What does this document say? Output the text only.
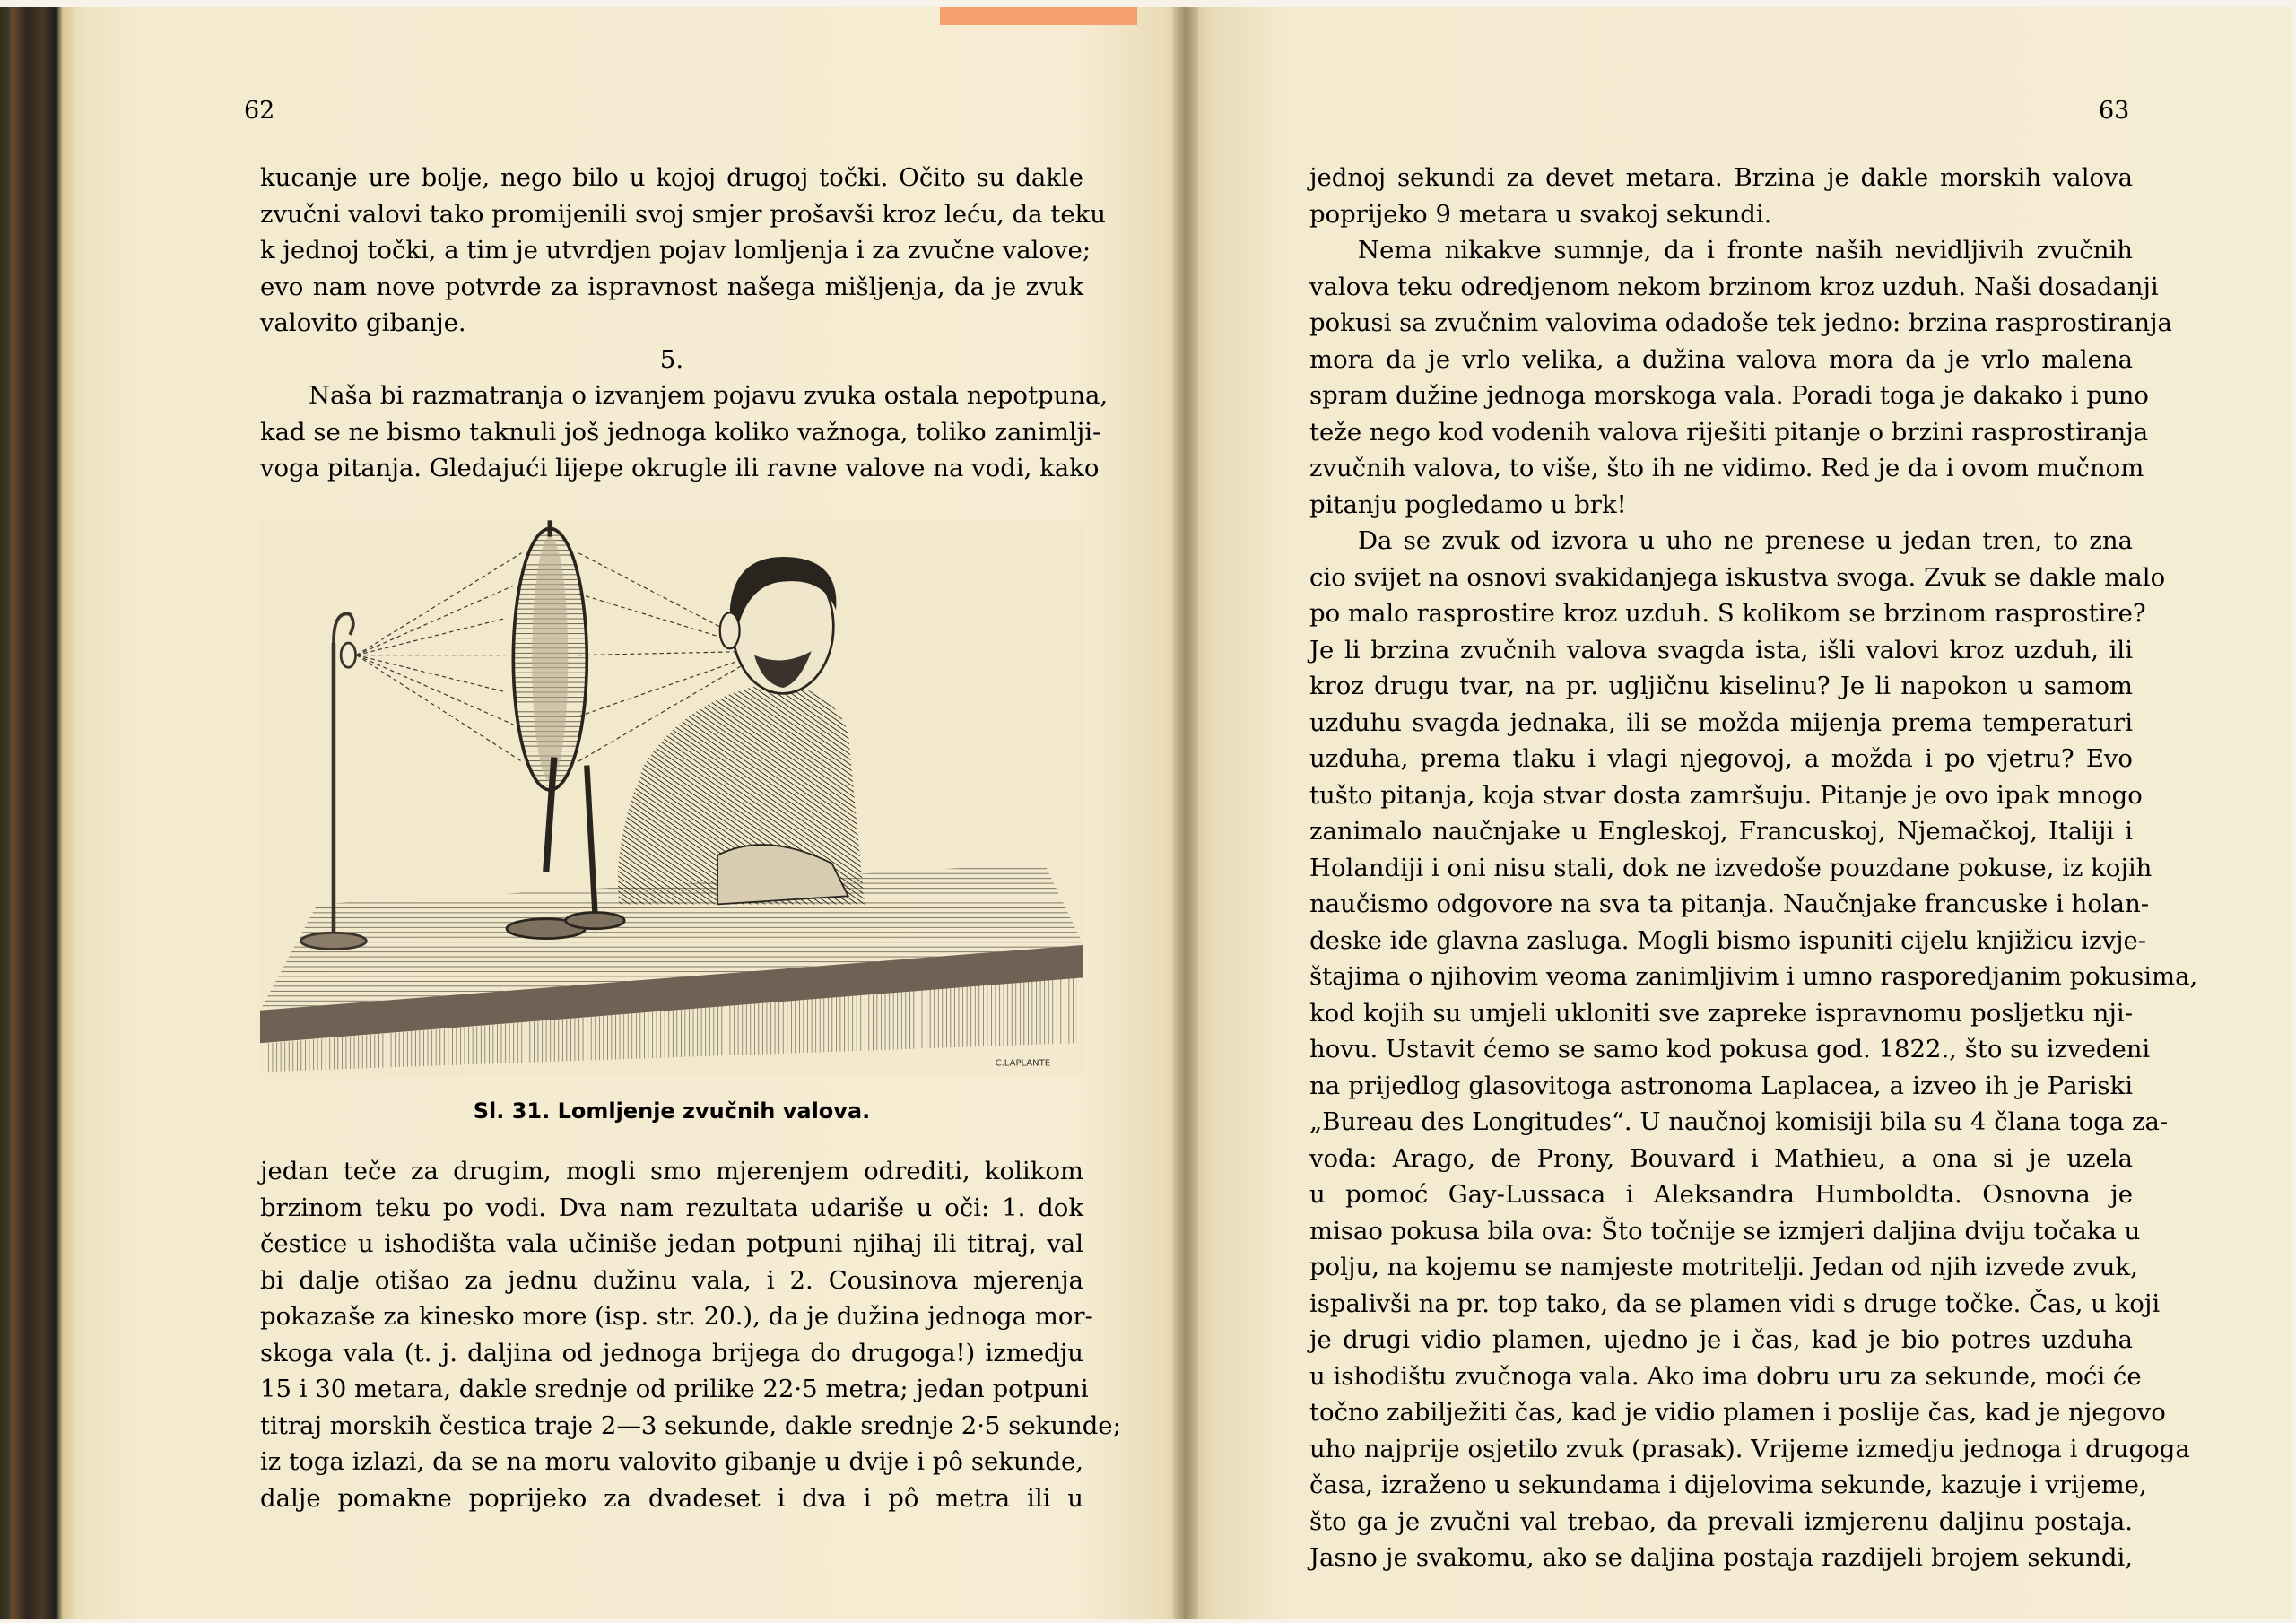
kucanje ure bolje, nego bilo u kojoj drugoj točki. Očito su dakle
zvučni valovi tako promijenili svoj smjer prošavši kroz leću, da teku
k jednoj točki, a tim je utvrdjen pojav lomljenja i za zvučne valove;
evo nam nove potvrde za ispravnost našega mišljenja, da je zvuk
valovito gibanje.
5.
Naša bi razmatranja o izvanjem pojavu zvuka ostala nepotpuna,
kad se ne bismo taknuli još jednoga koliko važnoga, toliko zanimlji-
voga pitanja. Gledajući lijepe okrugle ili ravne valove na vodi, kako
C.LAPLANTE
Sl. 31. Lomljenje zvučnih valova.
jedan teče za drugim, mogli smo mjerenjem odrediti, kolikom
brzinom teku po vodi. Dva nam rezultata udariše u oči: 1. dok
čestice u ishodišta vala učiniše jedan potpuni njihaj ili titraj, val
bi dalje otišao za jednu dužinu vala, i 2. Cousinova mjerenja
pokazaše za kinesko more (isp. str. 20.), da je dužina jednoga mor-
skoga vala (t. j. daljina od jednoga brijega do drugoga!) izmedju
15 i 30 metara, dakle srednje od prilike 22·5 metra; jedan potpuni
titraj morskih čestica traje 2—3 sekunde, dakle srednje 2·5 sekunde;
iz toga izlazi, da se na moru valovito gibanje u dvije i pô sekunde,
dalje pomakne poprijeko za dvadeset i dva i pô metra ili u
62	63
jednoj sekundi za devet metara. Brzina je dakle morskih valova
poprijeko 9 metara u svakoj sekundi.
Nema nikakve sumnje, da i fronte naših nevidljivih zvučnih
valova teku odredjenom nekom brzinom kroz uzduh. Naši dosadanji
pokusi sa zvučnim valovima odadoše tek jedno: brzina rasprostiranja
mora da je vrlo velika, a dužina valova mora da je vrlo malena
spram dužine jednoga morskoga vala. Poradi toga je dakako i puno
teže nego kod vodenih valova riješiti pitanje o brzini rasprostiranja
zvučnih valova, to više, što ih ne vidimo. Red je da i ovom mučnom
pitanju pogledamo u brk!
Da se zvuk od izvora u uho ne prenese u jedan tren, to zna
cio svijet na osnovi svakidanjega iskustva svoga. Zvuk se dakle malo
po malo rasprostire kroz uzduh. S kolikom se brzinom rasprostire?
Je li brzina zvučnih valova svagda ista, išli valovi kroz uzduh, ili
kroz drugu tvar, na pr. ugljičnu kiselinu? Je li napokon u samom
uzduhu svagda jednaka, ili se možda mijenja prema temperaturi
uzduha, prema tlaku i vlagi njegovoj, a možda i po vjetru? Evo
tušto pitanja, koja stvar dosta zamršuju. Pitanje je ovo ipak mnogo
zanimalo naučnjake u Engleskoj, Francuskoj, Njemačkoj, Italiji i
Holandiji i oni nisu stali, dok ne izvedoše pouzdane pokuse, iz kojih
naučismo odgovore na sva ta pitanja. Naučnjake francuske i holan-
deske ide glavna zasluga. Mogli bismo ispuniti cijelu knjižicu izvje-
štajima o njihovim veoma zanimljivim i umno rasporedjanim pokusima,
kod kojih su umjeli ukloniti sve zapreke ispravnomu posljetku nji-
hovu. Ustavit ćemo se samo kod pokusa god. 1822., što su izvedeni
na prijedlog glasovitoga astronoma Laplacea, a izveo ih je Pariski
„Bureau des Longitudes“. U naučnoj komisiji bila su 4 člana toga za-
voda: Arago, de Prony, Bouvard i Mathieu, a ona si je uzela
u pomoć Gay-Lussaca i Aleksandra Humboldta. Osnovna je
misao pokusa bila ova: Što točnije se izmjeri daljina dviju točaka u
polju, na kojemu se namjeste motritelji. Jedan od njih izvede zvuk,
ispalivši na pr. top tako, da se plamen vidi s druge točke. Čas, u koji
je drugi vidio plamen, ujedno je i čas, kad je bio potres uzduha
u ishodištu zvučnoga vala. Ako ima dobru uru za sekunde, moći će
točno zabilježiti čas, kad je vidio plamen i poslije čas, kad je njegovo
uho najprije osjetilo zvuk (prasak). Vrijeme izmedju jednoga i drugoga
časa, izraženo u sekundama i dijelovima sekunde, kazuje i vrijeme,
što ga je zvučni val trebao, da prevali izmjerenu daljinu postaja.
Jasno je svakomu, ako se daljina postaja razdijeli brojem sekundi,
